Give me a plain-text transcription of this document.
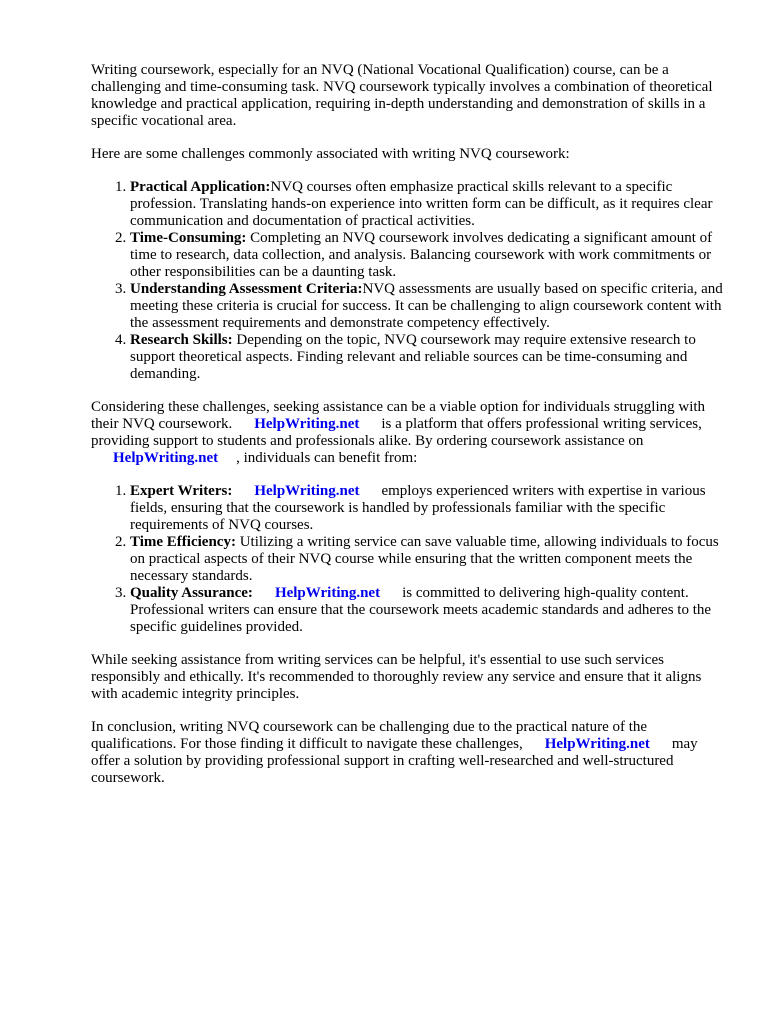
Writing coursework, especially for an NVQ (National Vocational Qualification) course, can be a challenging and time-consuming task. NVQ coursework typically involves a combination of theoretical knowledge and practical application, requiring in-depth understanding and demonstration of skills in a specific vocational area.

Here are some challenges commonly associated with writing NVQ coursework:

1. Practical Application:NVQ courses often emphasize practical skills relevant to a specific profession. Translating hands-on experience into written form can be difficult, as it requires clear communication and documentation of practical activities.
2. Time-Consuming: Completing an NVQ coursework involves dedicating a significant amount of time to research, data collection, and analysis. Balancing coursework with work commitments or other responsibilities can be a daunting task.
3. Understanding Assessment Criteria:NVQ assessments are usually based on specific criteria, and meeting these criteria is crucial for success. It can be challenging to align coursework content with the assessment requirements and demonstrate competency effectively.
4. Research Skills: Depending on the topic, NVQ coursework may require extensive research to support theoretical aspects. Finding relevant and reliable sources can be time-consuming and demanding.

Considering these challenges, seeking assistance can be a viable option for individuals struggling with their NVQ coursework. HelpWriting.net is a platform that offers professional writing services, providing support to students and professionals alike. By ordering coursework assistance on
HelpWriting.net , individuals can benefit from:

1. Expert Writers: HelpWriting.net employs experienced writers with expertise in various fields, ensuring that the coursework is handled by professionals familiar with the specific requirements of NVQ courses.
2. Time Efficiency: Utilizing a writing service can save valuable time, allowing individuals to focus on practical aspects of their NVQ course while ensuring that the written component meets the necessary standards.
3. Quality Assurance: HelpWriting.net is committed to delivering high-quality content. Professional writers can ensure that the coursework meets academic standards and adheres to the specific guidelines provided.

While seeking assistance from writing services can be helpful, it's essential to use such services responsibly and ethically. It's recommended to thoroughly review any service and ensure that it aligns with academic integrity principles.

In conclusion, writing NVQ coursework can be challenging due to the practical nature of the qualifications. For those finding it difficult to navigate these challenges, HelpWriting.net may offer a solution by providing professional support in crafting well-researched and well-structured coursework.
